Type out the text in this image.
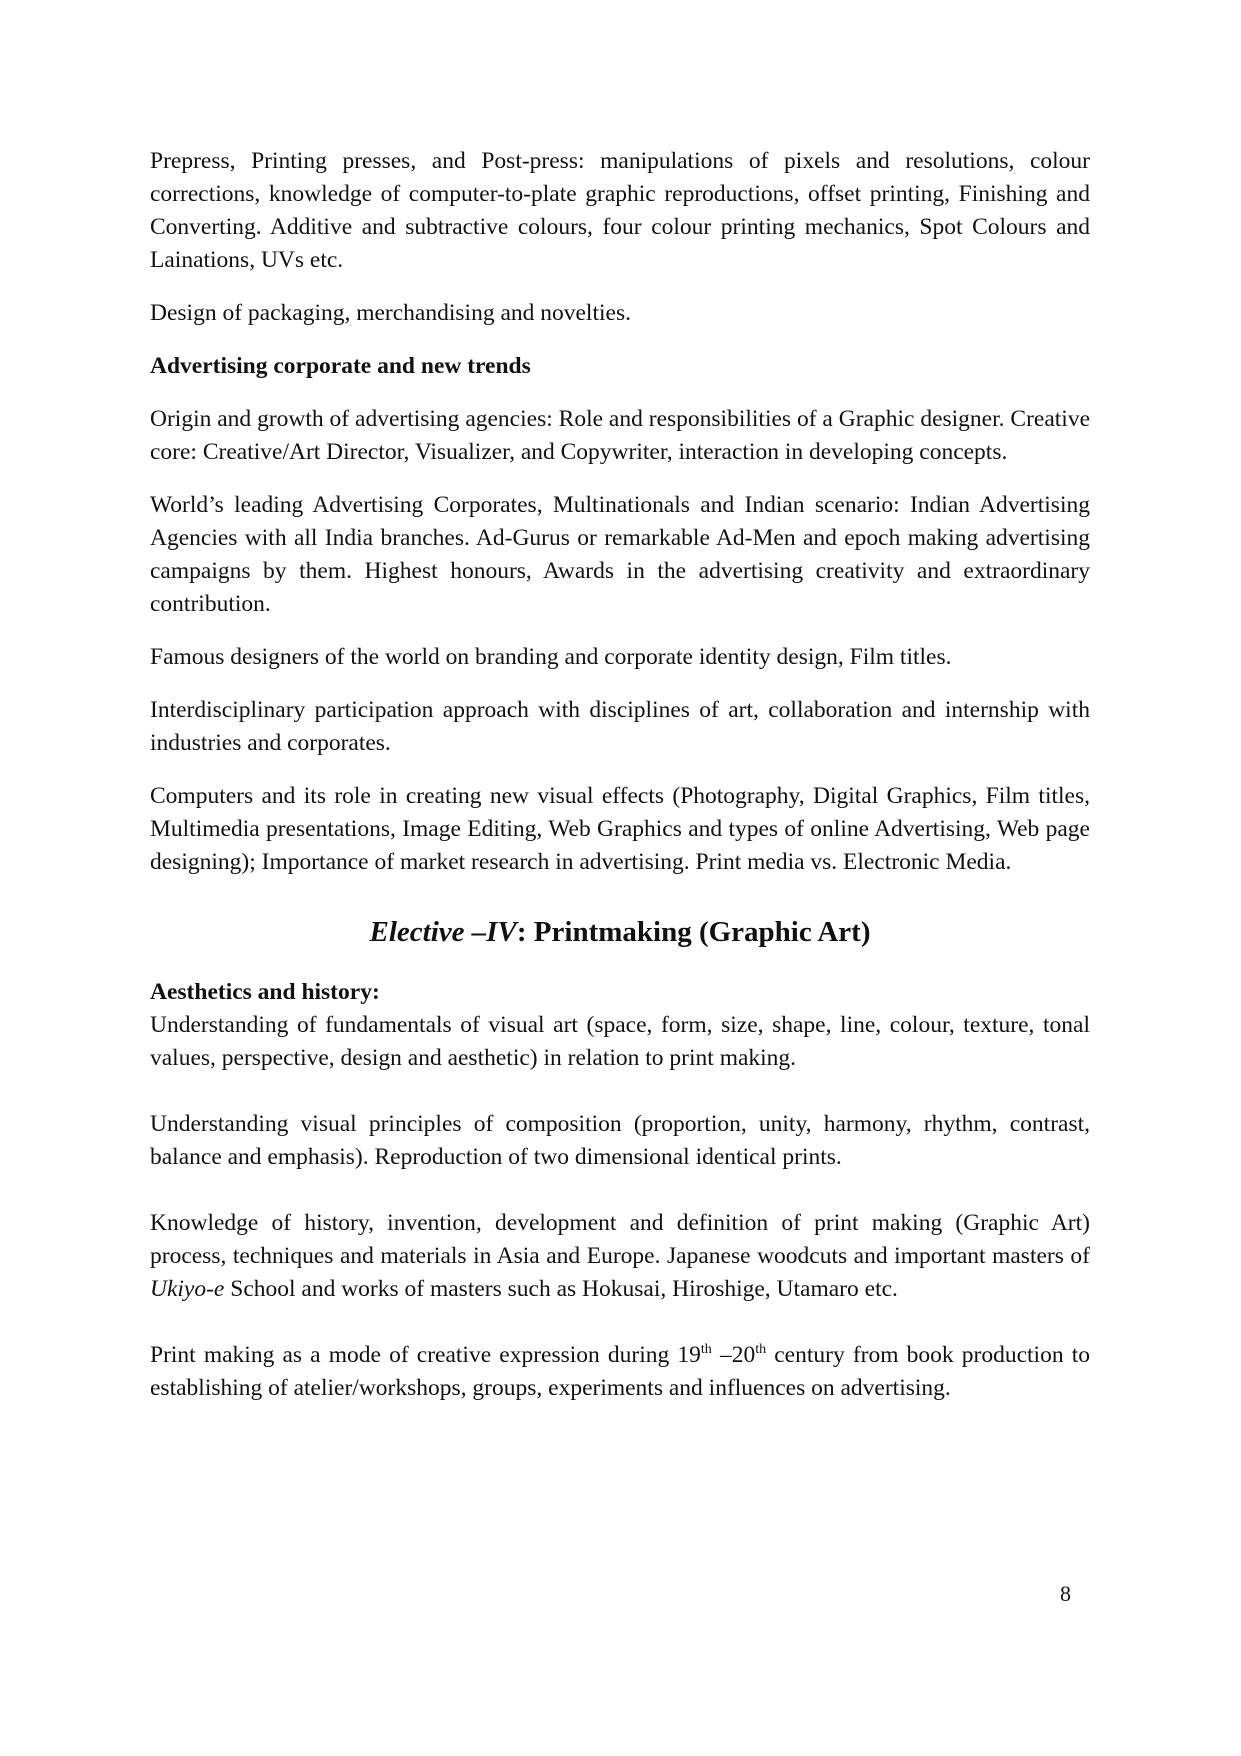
Prepress, Printing presses, and Post-press: manipulations of pixels and resolutions, colour corrections, knowledge of computer-to-plate graphic reproductions, offset printing, Finishing and Converting. Additive and subtractive colours, four colour printing mechanics, Spot Colours and Lainations, UVs etc.

Design of packaging, merchandising and novelties.

Advertising corporate and new trends

Origin and growth of advertising agencies: Role and responsibilities of a Graphic designer. Creative core: Creative/Art Director, Visualizer, and Copywriter, interaction in developing concepts.

World’s leading Advertising Corporates, Multinationals and Indian scenario: Indian Advertising Agencies with all India branches. Ad-Gurus or remarkable Ad-Men and epoch making advertising campaigns by them. Highest honours, Awards in the advertising creativity and extraordinary contribution.

Famous designers of the world on branding and corporate identity design, Film titles.

Interdisciplinary participation approach with disciplines of art, collaboration and internship with industries and corporates.

Computers and its role in creating new visual effects (Photography, Digital Graphics, Film titles, Multimedia presentations, Image Editing, Web Graphics and types of online Advertising, Web page designing); Importance of market research in advertising. Print media vs. Electronic Media.

Elective –IV: Printmaking (Graphic Art)

Aesthetics and history:

Understanding of fundamentals of visual art (space, form, size, shape, line, colour, texture, tonal values, perspective, design and aesthetic) in relation to print making.

Understanding visual principles of composition (proportion, unity, harmony, rhythm, contrast, balance and emphasis). Reproduction of two dimensional identical prints.

Knowledge of history, invention, development and definition of print making (Graphic Art) process, techniques and materials in Asia and Europe. Japanese woodcuts and important masters of Ukiyo-e School and works of masters such as Hokusai, Hiroshige, Utamaro etc.

Print making as a mode of creative expression during 19th –20th century from book production to establishing of atelier/workshops, groups, experiments and influences on advertising.

8
